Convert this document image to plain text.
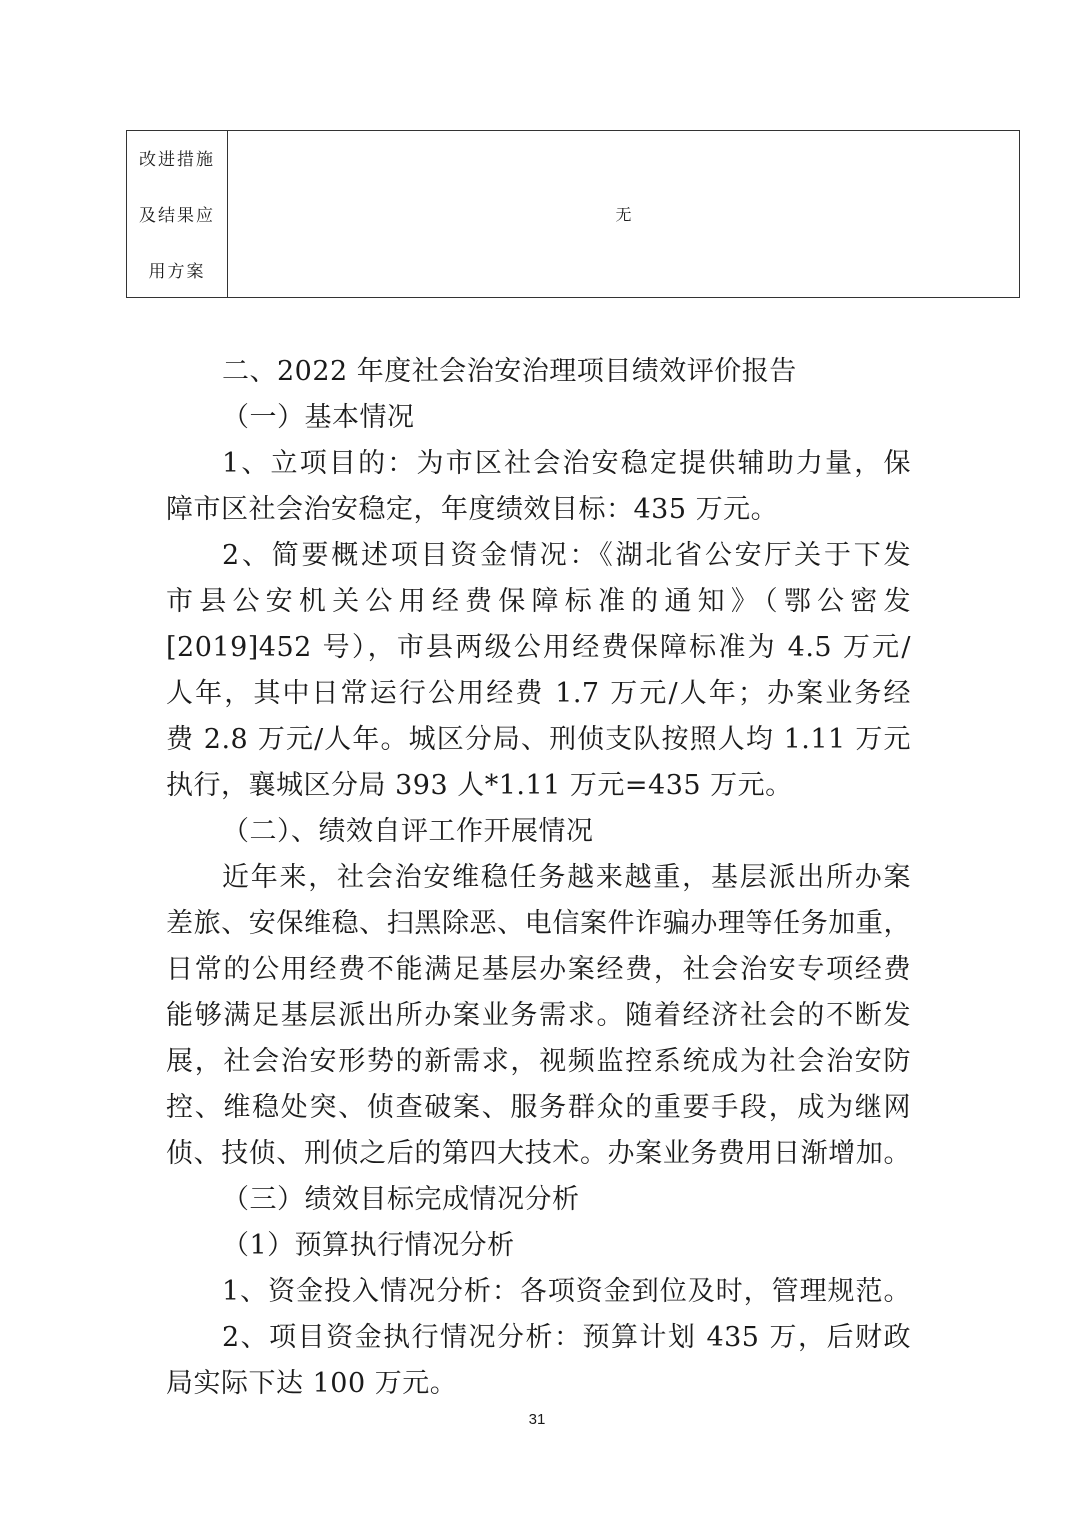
改进措施
及结果应
用方案
无
二、2022 年度社会治安治理项目绩效评价报告
（一）基本情况
1、立项目的：为市区社会治安稳定提供辅助力量，保
障市区社会治安稳定，年度绩效目标：435 万元。
2、简要概述项目资金情况：《湖北省公安厅关于下发
市县公安机关公用经费保障标准的通知》（鄂公密发
[2019]452 号），市县两级公用经费保障标准为 4.5 万元/
人年，其中日常运行公用经费 1.7 万元/人年；办案业务经
费 2.8 万元/人年。城区分局、刑侦支队按照人均 1.11 万元
执行，襄城区分局 393 人*1.11 万元=435 万元。
（二）、绩效自评工作开展情况
近年来，社会治安维稳任务越来越重，基层派出所办案
差旅、安保维稳、扫黑除恶、电信案件诈骗办理等任务加重，
日常的公用经费不能满足基层办案经费，社会治安专项经费
能够满足基层派出所办案业务需求。随着经济社会的不断发
展，社会治安形势的新需求，视频监控系统成为社会治安防
控、维稳处突、侦查破案、服务群众的重要手段，成为继网
侦、技侦、刑侦之后的第四大技术。办案业务费用日渐增加。
（三）绩效目标完成情况分析
（1）预算执行情况分析
1、资金投入情况分析：各项资金到位及时，管理规范。
2、项目资金执行情况分析：预算计划 435 万，后财政
局实际下达 100 万元。
31
